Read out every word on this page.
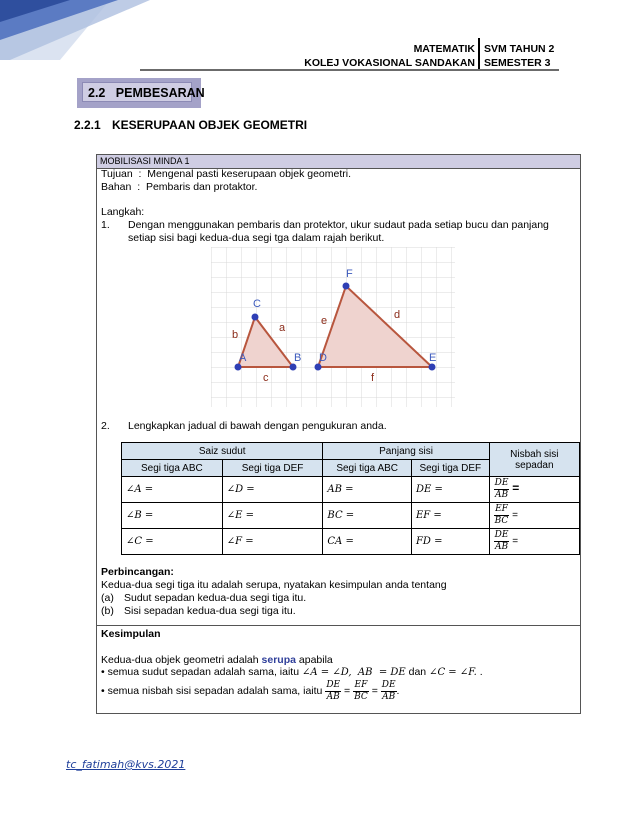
MATEMATIK
KOLEJ VOKASIONAL SANDAKAN
SVM TAHUN 2
SEMESTER 3
2.2   PEMBESARAN
2.2.1 KESERUPAAN OBJEK GEOMETRI
MOBILISASI MINDA 1
Tujuan  :  Mengenal pasti keserupaan objek geometri.
Bahan  :  Pembaris dan protaktor.
Langkah:
1. Dengan menggunakan pembaris dan protektor, ukur sudaut pada setiap bucu dan panjang setiap sisi bagi kedua-dua segi tga dalam rajah berikut.
A	B
C
D	E
F
a
b
c
d
e
f
2. Lengkapkan jadual di bawah dengan pengukuran anda.
Saiz sudut		Panjang sisi		Nisbah sisi
sepadan

Segi tiga ABC	Segi tiga DEF	Segi tiga ABC	Segi tiga DEF	
∠A =	∠D =	AB =	DE =	$\frac{DE}{AB}$ =
∠B =	∠E =	BC =	EF =	$\frac{EF}{BC}$ =
∠C =	∠F =	CA =	FD =	$\frac{DE}{AB}$ =
Perbincangan:
Kedua-dua segi tiga itu adalah serupa, nyatakan kesimpulan anda tentang
(a) Sudut sepadan kedua-dua segi tiga itu.
(b) Sisi sepadan kedua-dua segi tiga itu.
Kesimpulan
Kedua-dua objek geometri adalah serupa apabila
• semua sudut sepadan adalah sama, iaitu ∠A = ∠D,  AB  = DE dan ∠C = ∠F. .
• semua nisbah sisi sepadan adalah sama, iaitu $\frac{DE}{AB} = \frac{EF}{BC} = \frac{DE}{AB}$ .
tc_fatimah@kvs.2021
